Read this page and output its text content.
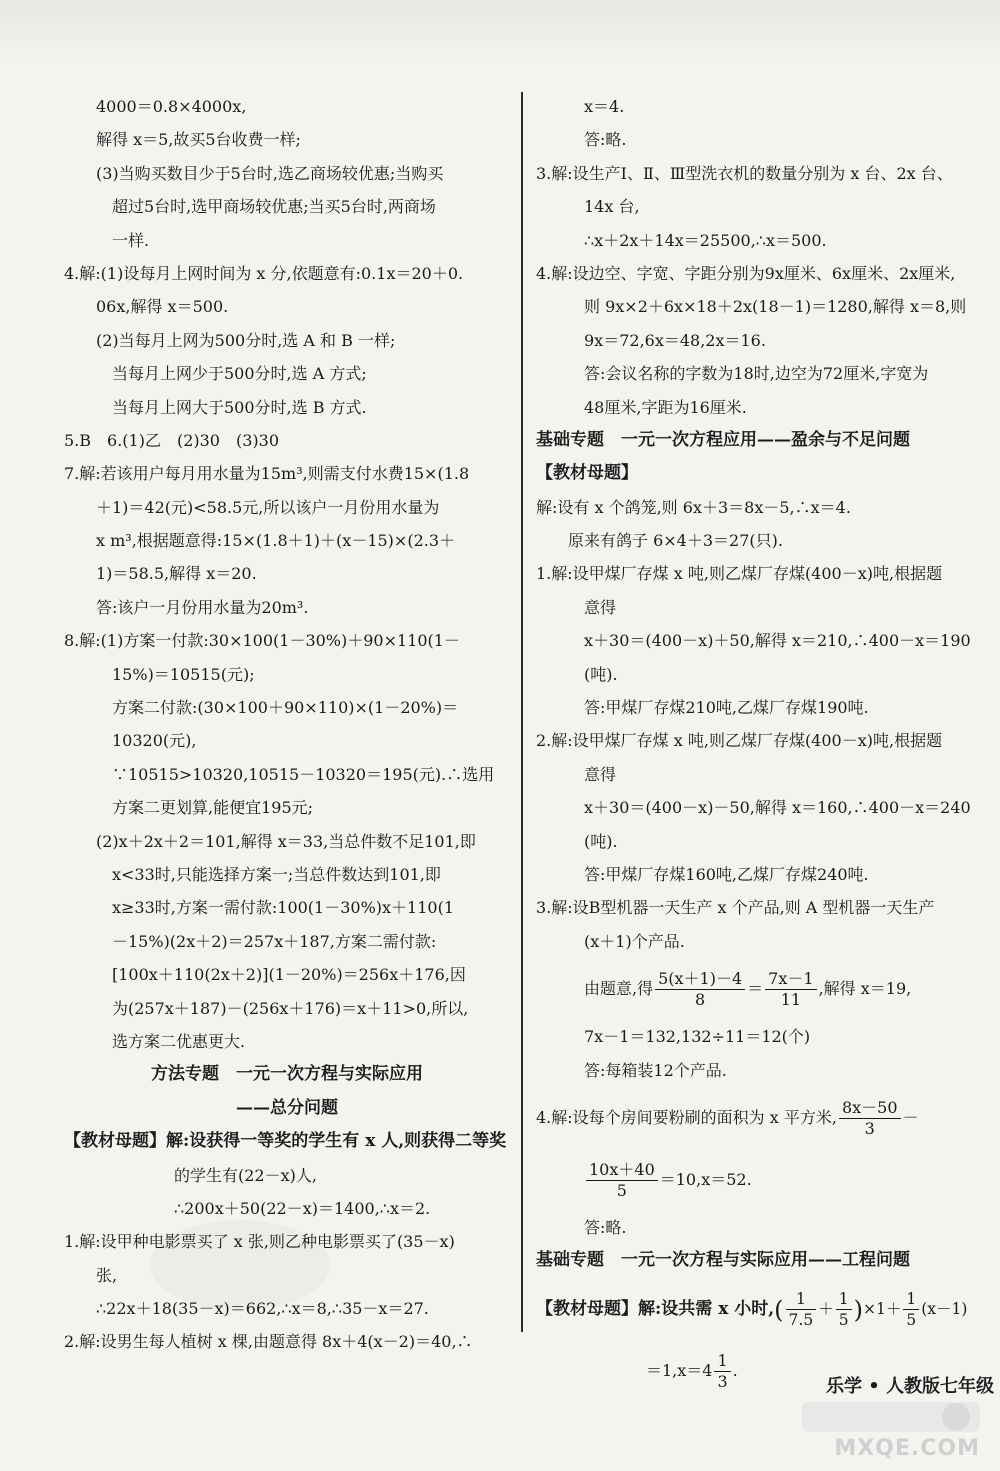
4000＝0.8×4000x,
解得 x＝5,故买5台收费一样;
(3)当购买数目少于5台时,选乙商场较优惠;当购买
超过5台时,选甲商场较优惠;当买5台时,两商场
一样.
4.解:(1)设每月上网时间为 x 分,依题意有:0.1x＝20＋0.
06x,解得 x＝500.
(2)当每月上网为500分时,选 A 和 B 一样;
当每月上网少于500分时,选 A 方式;
当每月上网大于500分时,选 B 方式.
5.B　6.(1)乙　(2)30　(3)30
7.解:若该用户每月用水量为15m³,则需支付水费15×(1.8
＋1)＝42(元)<58.5元,所以该户一月份用水量为
x m³,根据题意得:15×(1.8＋1)＋(x－15)×(2.3＋
1)＝58.5,解得 x＝20.
答:该户一月份用水量为20m³.
8.解:(1)方案一付款:30×100(1－30%)＋90×110(1－
15%)＝10515(元);
方案二付款:(30×100＋90×110)×(1－20%)＝
10320(元),
∵10515>10320,10515－10320＝195(元).∴选用
方案二更划算,能便宜195元;
(2)x＋2x＋2＝101,解得 x＝33,当总件数不足101,即
x<33时,只能选择方案一;当总件数达到101,即
x≥33时,方案一需付款:100(1－30%)x＋110(1
－15%)(2x＋2)＝257x＋187,方案二需付款:
[100x＋110(2x＋2)](1－20%)＝256x＋176,因
为(257x＋187)－(256x＋176)＝x＋11>0,所以,
选方案二优惠更大.
方法专题　一元一次方程与实际应用
——总分问题
【教材母题】解:设获得一等奖的学生有 x 人,则获得二等奖
的学生有(22－x)人,
∴200x＋50(22－x)＝1400,∴x＝2.
1.解:设甲种电影票买了 x 张,则乙种电影票买了(35－x)
张,
∴22x＋18(35－x)＝662,∴x＝8,∴35－x＝27.
2.解:设男生每人植树 x 棵,由题意得 8x＋4(x－2)＝40,∴
x＝4.
答:略.
3.解:设生产Ⅰ、Ⅱ、Ⅲ型洗衣机的数量分别为 x 台、2x 台、
14x 台,
∴x＋2x＋14x＝25500,∴x＝500.
4.解:设边空、字宽、字距分别为9x厘米、6x厘米、2x厘米,
则 9x×2＋6x×18＋2x(18－1)＝1280,解得 x＝8,则
9x＝72,6x＝48,2x＝16.
答:会议名称的字数为18时,边空为72厘米,字宽为
48厘米,字距为16厘米.
基础专题　一元一次方程应用——盈余与不足问题
【教材母题】
解:设有 x 个鸽笼,则 6x＋3＝8x－5,∴x＝4.
原来有鸽子 6×4＋3＝27(只).
1.解:设甲煤厂存煤 x 吨,则乙煤厂存煤(400－x)吨,根据题
意得
x＋30＝(400－x)＋50,解得 x＝210,∴400－x＝190
(吨).
答:甲煤厂存煤210吨,乙煤厂存煤190吨.
2.解:设甲煤厂存煤 x 吨,则乙煤厂存煤(400－x)吨,根据题
意得
x＋30＝(400－x)－50,解得 x＝160,∴400－x＝240
(吨).
答:甲煤厂存煤160吨,乙煤厂存煤240吨.
3.解:设B型机器一天生产 x 个产品,则 A 型机器一天生产
(x＋1)个产品.
由题意,得 $\frac{5(x+1)-4}{8} = \frac{7x-1}{11}$ ,解得 x＝19,
7x－1＝132,132÷11＝12(个)
答:每箱装12个产品.
4.解:设每个房间要粉刷的面积为 x 平方米, $\frac{8x-50}{3}$ －
$\frac{10x+40}{5} =10,x=52$.
答:略.
基础专题　一元一次方程与实际应用——工程问题
【教材母题】解:设共需 x 小时,( $\frac{1}{7.5} + \frac{1}{5} )\times 1+ \frac{1}{5} (x-1)$
$=1,x=4 \frac{1}{3}$ .
乐学 • 人教版七年级
MXQE.COM
